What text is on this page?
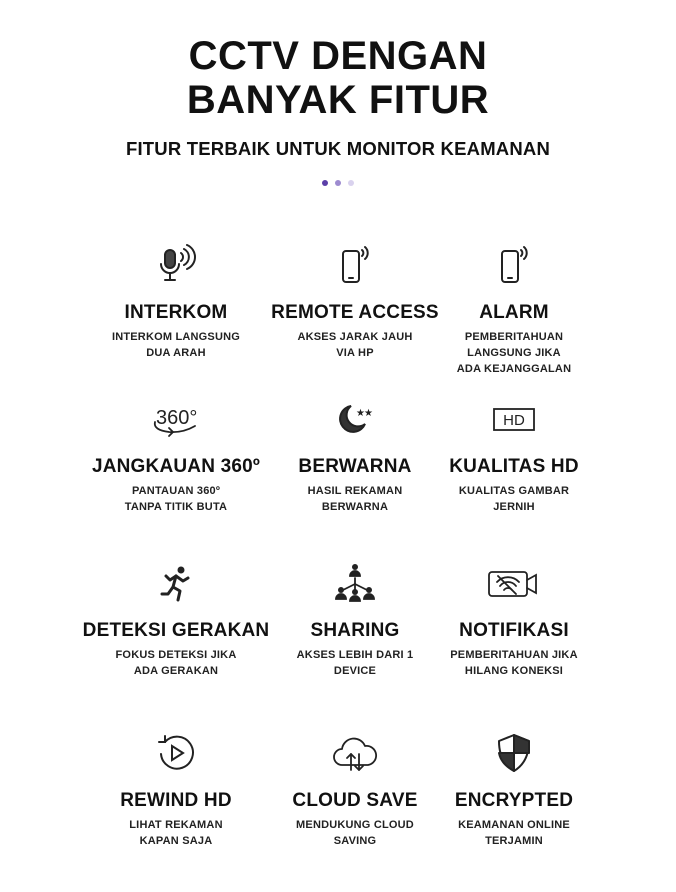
CCTV DENGAN
BANYAK FITUR
FITUR TERBAIK UNTUK MONITOR KEAMANAN
INTERKOM
INTERKOM LANGSUNG
DUA ARAH
REMOTE ACCESS
AKSES JARAK JAUH
VIA HP
ALARM
PEMBERITAHUAN
LANGSUNG JIKA
ADA KEJANGGALAN
360°
JANGKAUAN 360º
PANTAUAN 360º
TANPA TITIK BUTA
★ ★
BERWARNA
HASIL REKAMAN
BERWARNA
HD
KUALITAS HD
KUALITAS GAMBAR
JERNIH
DETEKSI GERAKAN
FOKUS DETEKSI JIKA
ADA GERAKAN
SHARING
AKSES LEBIH DARI 1
DEVICE
NOTIFIKASI
PEMBERITAHUAN JIKA
HILANG KONEKSI
REWIND HD
LIHAT REKAMAN
KAPAN SAJA
CLOUD SAVE
MENDUKUNG CLOUD
SAVING
ENCRYPTED
KEAMANAN ONLINE
TERJAMIN
